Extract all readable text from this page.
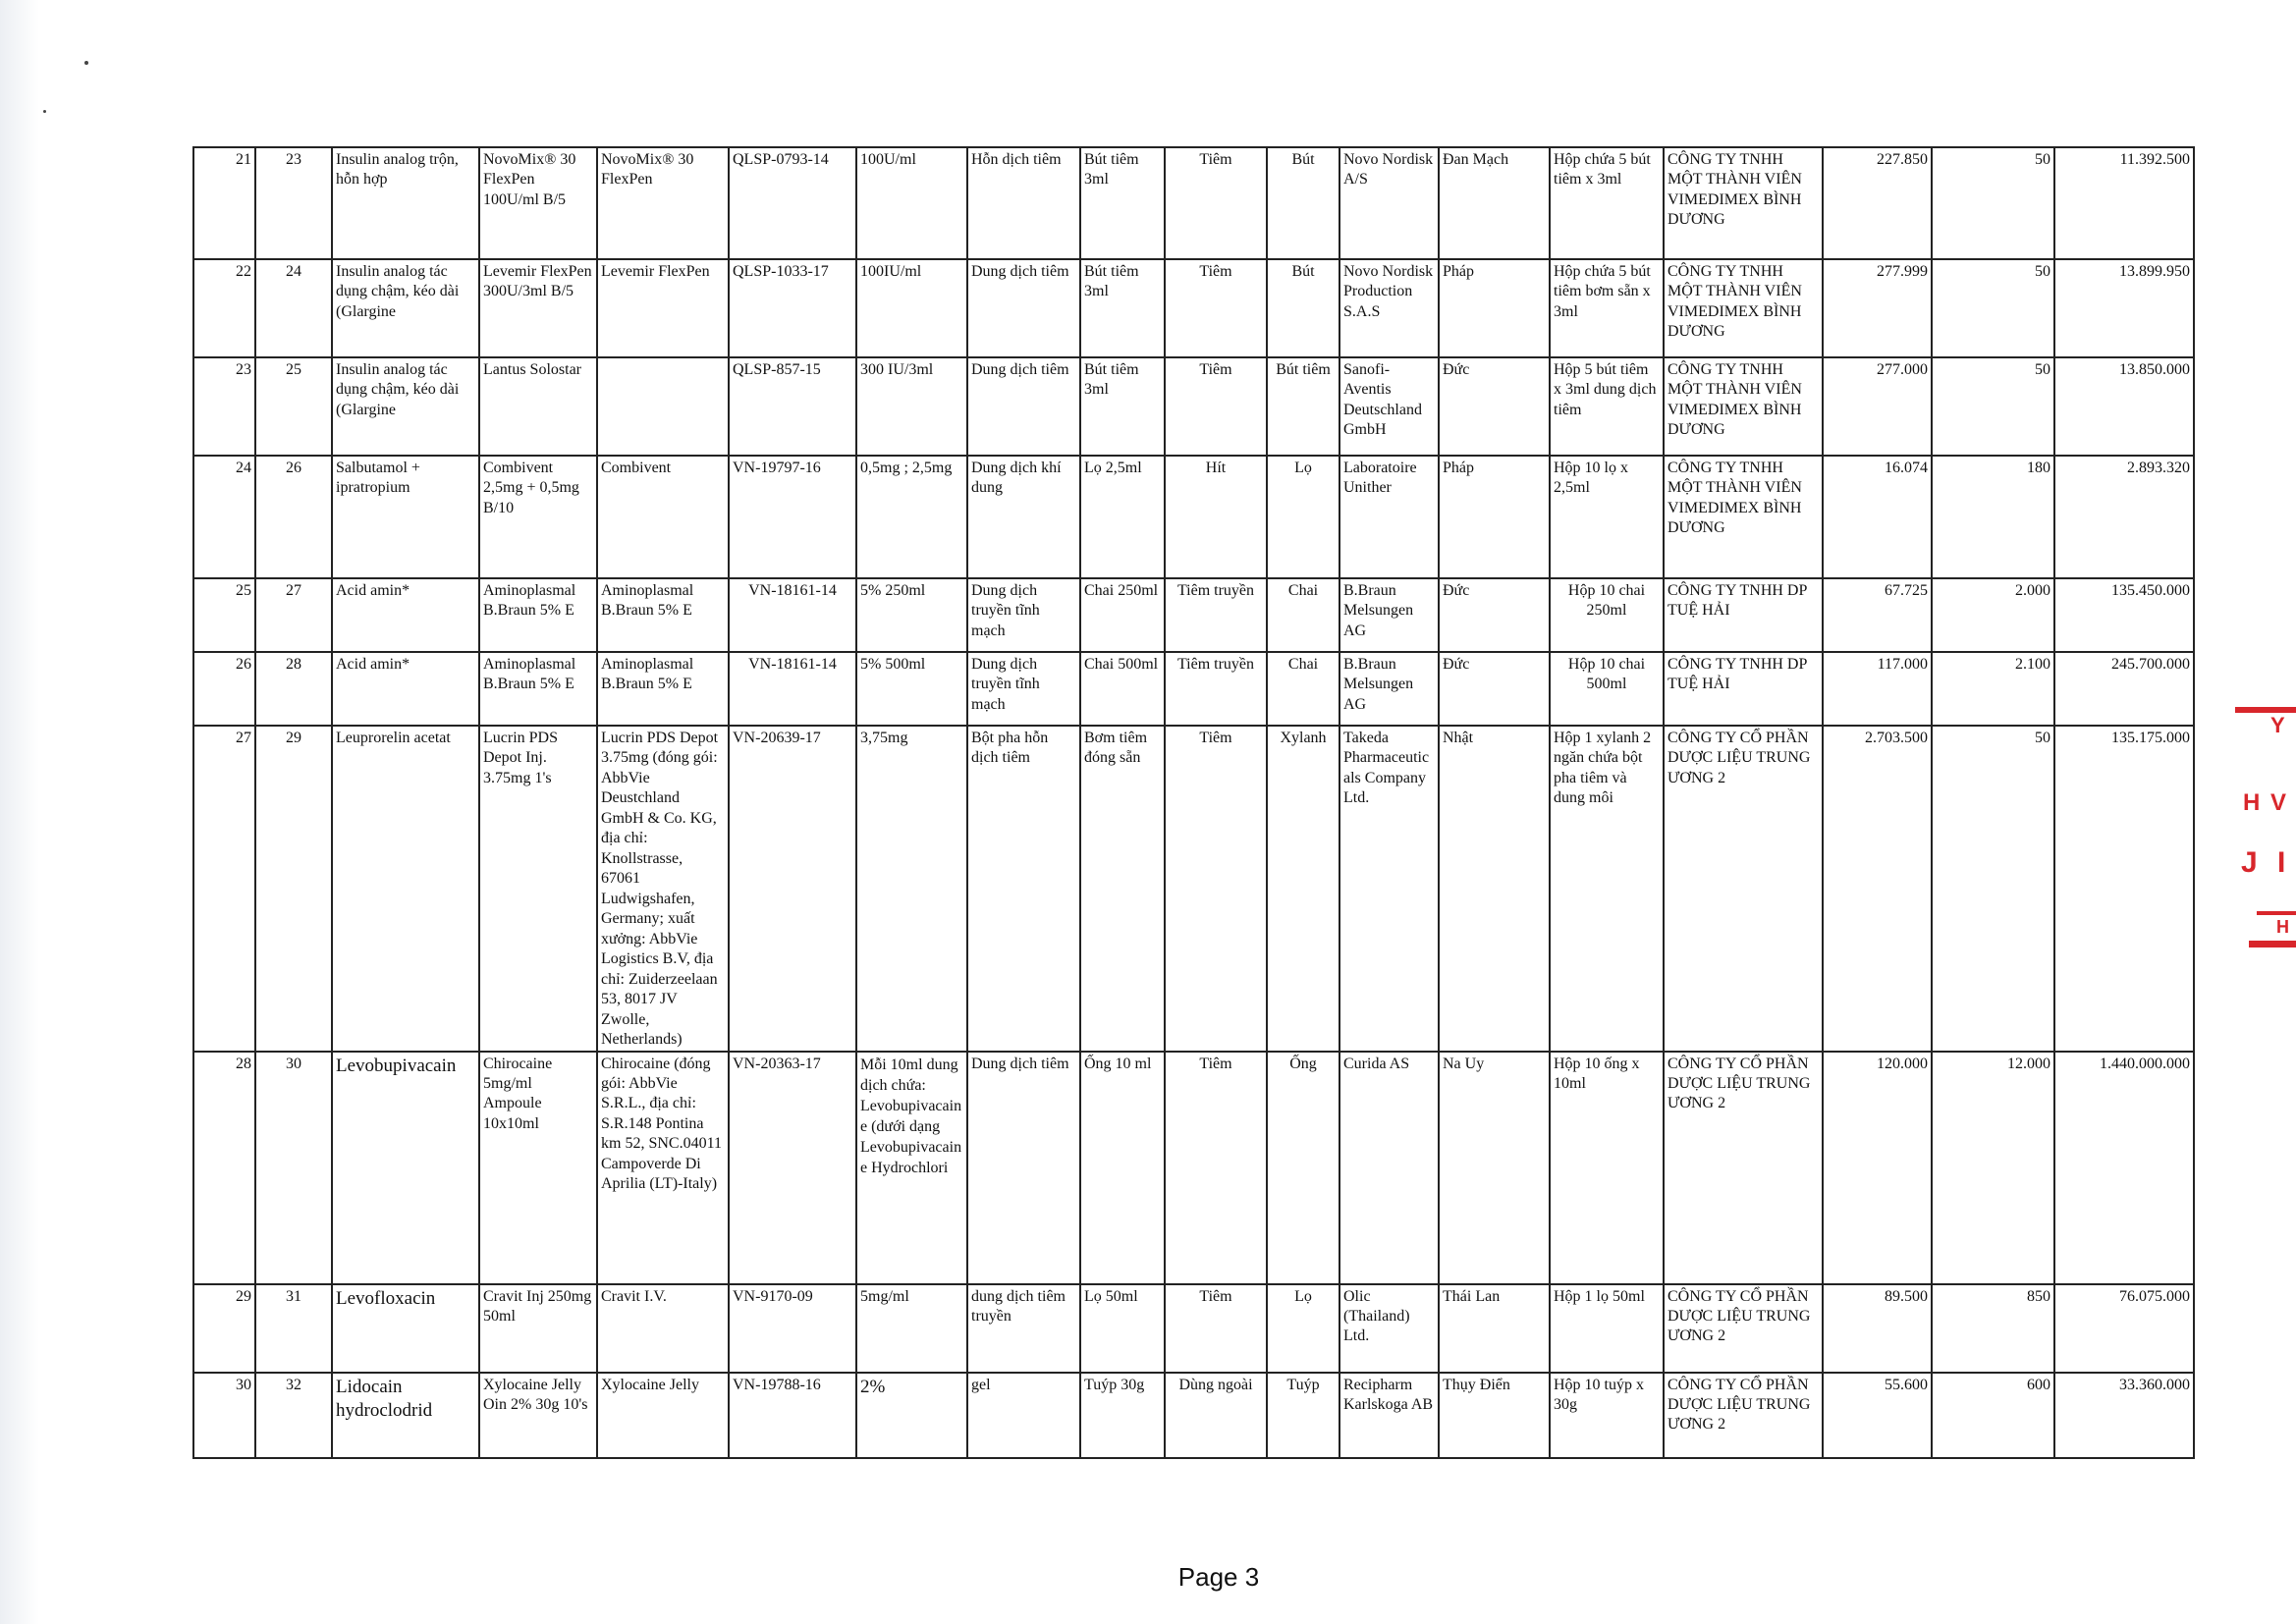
21	23	Insulin analog trộn, hỗn hợp	NovoMix® 30 FlexPen 100U/ml B/5	NovoMix® 30 FlexPen	QLSP-0793-14	100U/ml	Hỗn dịch tiêm	Bút tiêm 3ml	Tiêm	Bút	Novo Nordisk A/S	Đan Mạch	Hộp chứa 5 bút tiêm x 3ml	CÔNG TY TNHH MỘT THÀNH VIÊN VIMEDIMEX BÌNH DƯƠNG	227.850	50	11.392.500
22	24	Insulin analog tác dụng chậm, kéo dài (Glargine	Levemir FlexPen 300U/3ml B/5	Levemir FlexPen	QLSP-1033-17	100IU/ml	Dung dịch tiêm	Bút tiêm 3ml	Tiêm	Bút	Novo Nordisk Production S.A.S	Pháp	Hộp chứa 5 bút tiêm bơm sẵn x 3ml	CÔNG TY TNHH MỘT THÀNH VIÊN VIMEDIMEX BÌNH DƯƠNG	277.999	50	13.899.950
23	25	Insulin analog tác dụng chậm, kéo dài (Glargine	Lantus Solostar		QLSP-857-15	300 IU/3ml	Dung dịch tiêm	Bút tiêm 3ml	Tiêm	Bút tiêm	Sanofi-Aventis Deutschland GmbH	Đức	Hộp 5 bút tiêm x 3ml dung dịch tiêm	CÔNG TY TNHH MỘT THÀNH VIÊN VIMEDIMEX BÌNH DƯƠNG	277.000	50	13.850.000
24	26	Salbutamol + ipratropium	Combivent 2,5mg + 0,5mg B/10	Combivent	VN-19797-16	0,5mg ; 2,5mg	Dung dịch khí dung	Lọ 2,5ml	Hít	Lọ	Laboratoire Unither	Pháp	Hộp 10 lọ x 2,5ml	CÔNG TY TNHH MỘT THÀNH VIÊN VIMEDIMEX BÌNH DƯƠNG	16.074	180	2.893.320
25	27	Acid amin*	Aminoplasmal B.Braun 5% E	Aminoplasmal B.Braun 5% E	VN-18161-14	5% 250ml	Dung dịch truyền tĩnh mạch	Chai 250ml	Tiêm truyền	Chai	B.Braun Melsungen AG	Đức	Hộp 10 chai 250ml	CÔNG TY TNHH DP TUỆ HẢI	67.725	2.000	135.450.000
26	28	Acid amin*	Aminoplasmal B.Braun 5% E	Aminoplasmal B.Braun 5% E	VN-18161-14	5% 500ml	Dung dịch truyền tĩnh mạch	Chai 500ml	Tiêm truyền	Chai	B.Braun Melsungen AG	Đức	Hộp 10 chai 500ml	CÔNG TY TNHH DP TUỆ HẢI	117.000	2.100	245.700.000
27	29	Leuprorelin acetat	Lucrin PDS Depot Inj. 3.75mg 1's	Lucrin PDS Depot 3.75mg (đóng gói: AbbVie Deustchland GmbH & Co. KG, địa chỉ: Knollstrasse, 67061 Ludwigshafen, Germany; xuất xưởng: AbbVie Logistics B.V, địa chỉ: Zuiderzeelaan 53, 8017 JV Zwolle, Netherlands)	VN-20639-17	3,75mg	Bột pha hỗn dịch tiêm	Bơm tiêm đóng sẵn	Tiêm	Xylanh	Takeda Pharmaceuticals Company Ltd.	Nhật	Hộp 1 xylanh 2 ngăn chứa bột pha tiêm và dung môi	CÔNG TY CỔ PHẦN DƯỢC LIỆU TRUNG ƯƠNG 2	2.703.500	50	135.175.000
28	30	Levobupivacain	Chirocaine 5mg/ml Ampoule 10x10ml	Chirocaine (đóng gói: AbbVie S.R.L., địa chỉ: S.R.148 Pontina km 52, SNC.04011 Campoverde Di Aprilia (LT)-Italy)	VN-20363-17	Mỗi 10ml dung dịch chứa: Levobupivacaine (dưới dạng Levobupivacaine Hydrochlori	Dung dịch tiêm	Ống 10 ml	Tiêm	Ống	Curida AS	Na Uy	Hộp 10 ống x 10ml	CÔNG TY CỔ PHẦN DƯỢC LIỆU TRUNG ƯƠNG 2	120.000	12.000	1.440.000.000
29	31	Levofloxacin	Cravit Inj 250mg 50ml	Cravit I.V.	VN-9170-09	5mg/ml	dung dịch tiêm truyền	Lọ 50ml	Tiêm	Lọ	Olic (Thailand) Ltd.	Thái Lan	Hộp 1 lọ 50ml	CÔNG TY CỔ PHẦN DƯỢC LIỆU TRUNG ƯƠNG 2	89.500	850	76.075.000
30	32	Lidocain hydroclodrid	Xylocaine Jelly Oin 2% 30g 10's	Xylocaine Jelly	VN-19788-16	2%	gel	Tuýp 30g	Dùng ngoài	Tuýp	Recipharm Karlskoga AB	Thụy Điển	Hộp 10 tuýp x 30g	CÔNG TY CỔ PHẦN DƯỢC LIỆU TRUNG ƯƠNG 2	55.600	600	33.360.000
Y
H V
J I
H
Page 3
